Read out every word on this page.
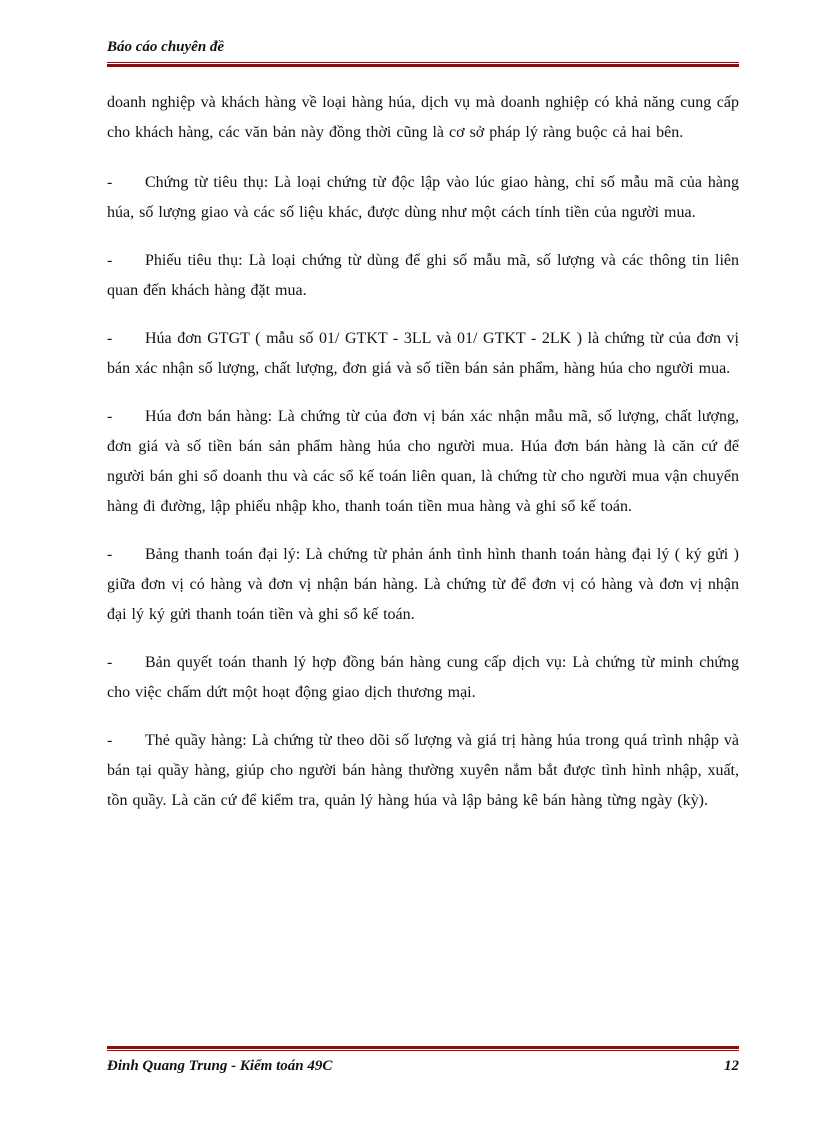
Báo cáo chuyên đề

doanh nghiệp và khách hàng về loại hàng húa, dịch vụ mà doanh nghiệp có khả năng cung cấp cho khách hàng, các văn bản này đồng thời cũng là cơ sở pháp lý ràng buộc cả hai bên.

- Chứng từ tiêu thụ: Là loại chứng từ độc lập vào lúc giao hàng, chỉ số mẫu mã của hàng húa, số lượng giao và các số liệu khác, được dùng như một cách tính tiền của người mua.

- Phiếu tiêu thụ: Là loại chứng từ dùng để ghi số mẫu mã, số lượng và các thông tin liên quan đến khách hàng đặt mua.

- Húa đơn GTGT ( mẫu số 01/ GTKT - 3LL và 01/ GTKT - 2LK ) là chứng từ của đơn vị bán xác nhận số lượng, chất lượng, đơn giá và số tiền bán sản phẩm, hàng húa cho người mua.

- Húa đơn bán hàng: Là chứng từ của đơn vị bán xác nhận mẫu mã, số lượng, chất lượng, đơn giá và số tiền bán sản phẩm hàng húa cho người mua. Húa đơn bán hàng là căn cứ để người bán ghi sổ doanh thu và các sổ kế toán liên quan, là chứng từ cho người mua vận chuyển hàng đi đường, lập phiếu nhập kho, thanh toán tiền mua hàng và ghi sổ kế toán.

- Bảng thanh toán đại lý: Là chứng từ phản ánh tình hình thanh toán hàng đại lý ( ký gửi ) giữa đơn vị có hàng và đơn vị nhận bán hàng. Là chứng từ để đơn vị có hàng và đơn vị nhận đại lý ký gửi thanh toán tiền và ghi sổ kế toán.

- Bản quyết toán thanh lý hợp đồng bán hàng cung cấp dịch vụ: Là chứng từ minh chứng cho việc chấm dứt một hoạt động giao dịch thương mại.

- Thẻ quầy hàng: Là chứng từ theo dõi số lượng và giá trị hàng húa trong quá trình nhập và bán tại quầy hàng, giúp cho người bán hàng thường xuyên nắm bắt được tình hình nhập, xuất, tồn quầy. Là căn cứ để kiểm tra, quản lý hàng húa và lập bảng kê bán hàng từng ngày (kỳ).

Đinh Quang Trung - Kiểm toán 49C	12
